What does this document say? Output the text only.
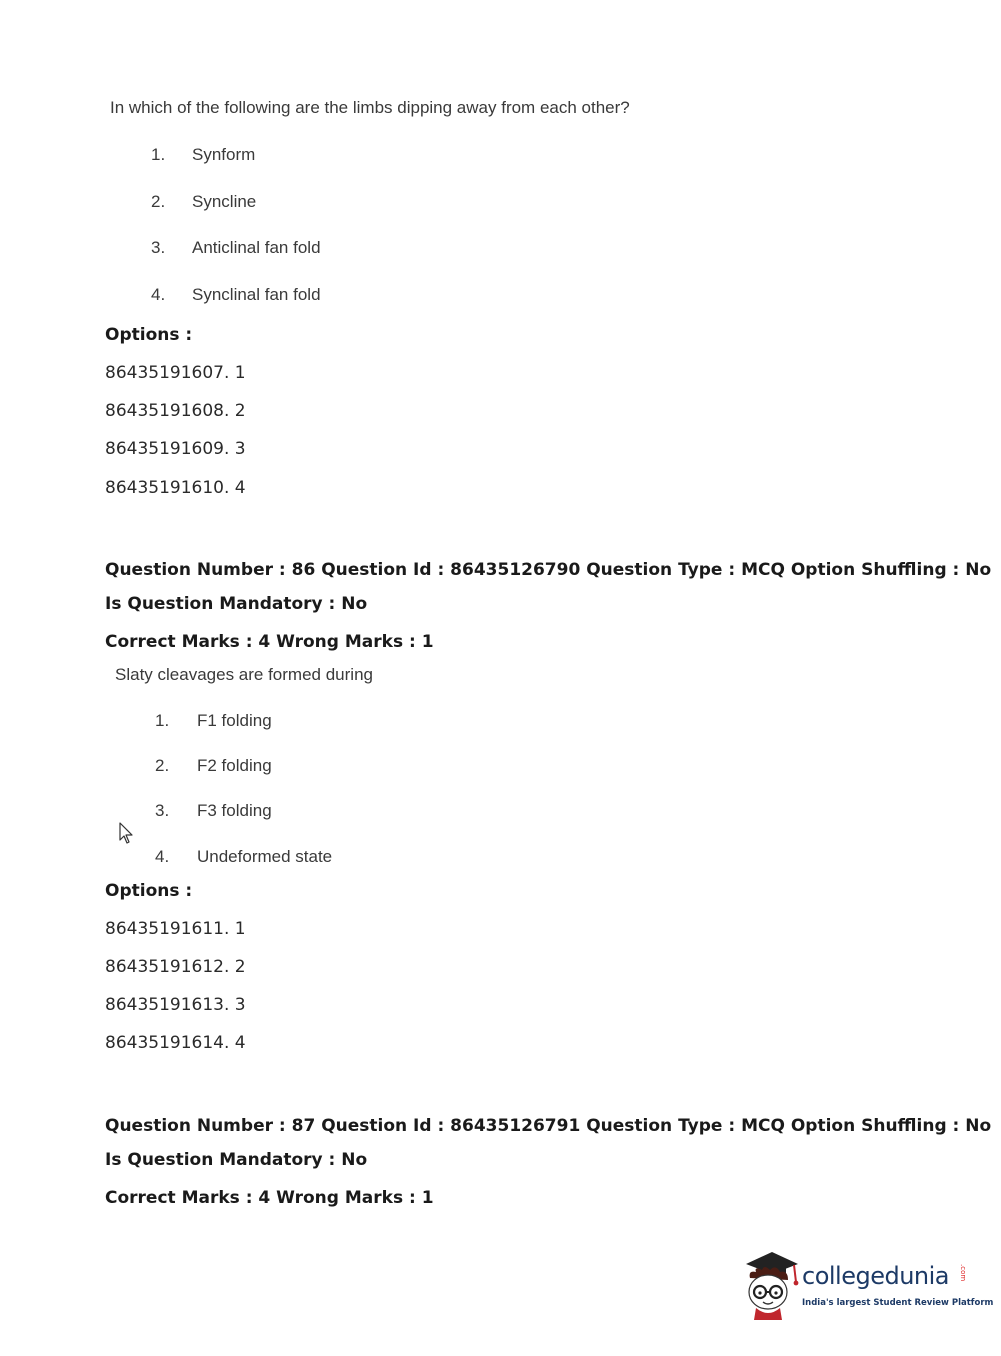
In which of the following are the limbs dipping away from each other?
1. Synform
2. Syncline
3. Anticlinal fan fold
4. Synclinal fan fold
Options :
86435191607. 1
86435191608. 2
86435191609. 3
86435191610. 4
Question Number : 86 Question Id : 86435126790 Question Type : MCQ Option Shuffling : No
Is Question Mandatory : No
Correct Marks : 4 Wrong Marks : 1
Slaty cleavages are formed during
1. F1 folding
2. F2 folding
3. F3 folding
4. Undeformed state
Options :
86435191611. 1
86435191612. 2
86435191613. 3
86435191614. 4
Question Number : 87 Question Id : 86435126791 Question Type : MCQ Option Shuffling : No
Is Question Mandatory : No
Correct Marks : 4 Wrong Marks : 1
collegedunia .com
India's largest Student Review Platform
